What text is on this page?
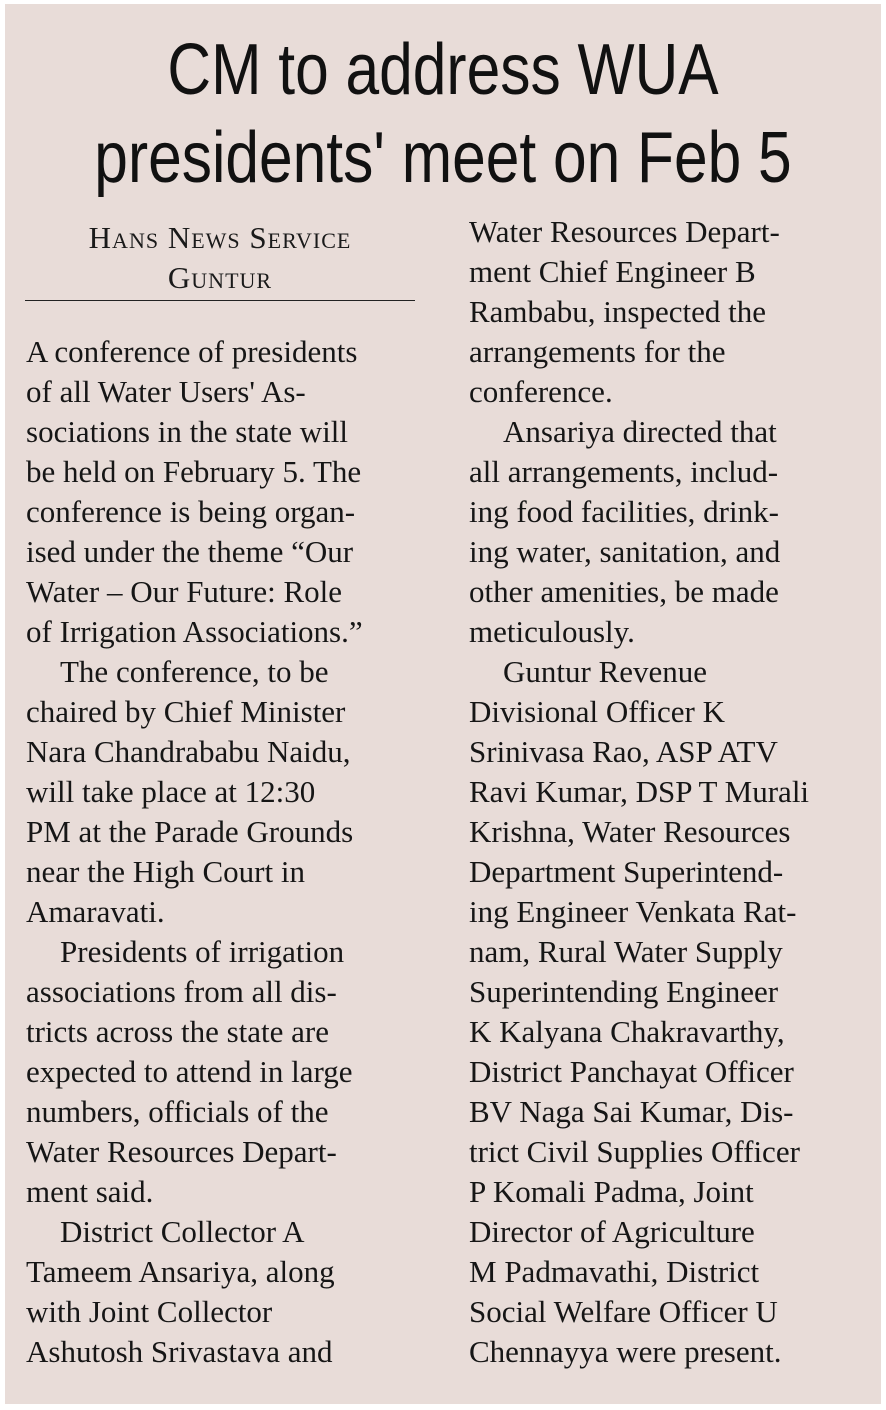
CM to address WUA
presidents' meet on Feb 5
Hans News Service
Guntur
A conference of presidents
of all Water Users' As-
sociations in the state will
be held on February 5. The
conference is being organ-
ised under the theme “Our
Water – Our Future: Role
of Irrigation Associations.”
The conference, to be
chaired by Chief Minister
Nara Chandrababu Naidu,
will take place at 12:30
PM at the Parade Grounds
near the High Court in
Amaravati.
Presidents of irrigation
associations from all dis-
tricts across the state are
expected to attend in large
numbers, officials of the
Water Resources Depart-
ment said.
District Collector A
Tameem Ansariya, along
with Joint Collector
Ashutosh Srivastava and
Water Resources Depart-
ment Chief Engineer B
Rambabu, inspected the
arrangements for the
conference.
Ansariya directed that
all arrangements, includ-
ing food facilities, drink-
ing water, sanitation, and
other amenities, be made
meticulously.
Guntur Revenue
Divisional Officer K
Srinivasa Rao, ASP ATV
Ravi Kumar, DSP T Murali
Krishna, Water Resources
Department Superintend-
ing Engineer Venkata Rat-
nam, Rural Water Supply
Superintending Engineer
K Kalyana Chakravarthy,
District Panchayat Officer
BV Naga Sai Kumar, Dis-
trict Civil Supplies Officer
P Komali Padma, Joint
Director of Agriculture
M Padmavathi, District
Social Welfare Officer U
Chennayya were present.
